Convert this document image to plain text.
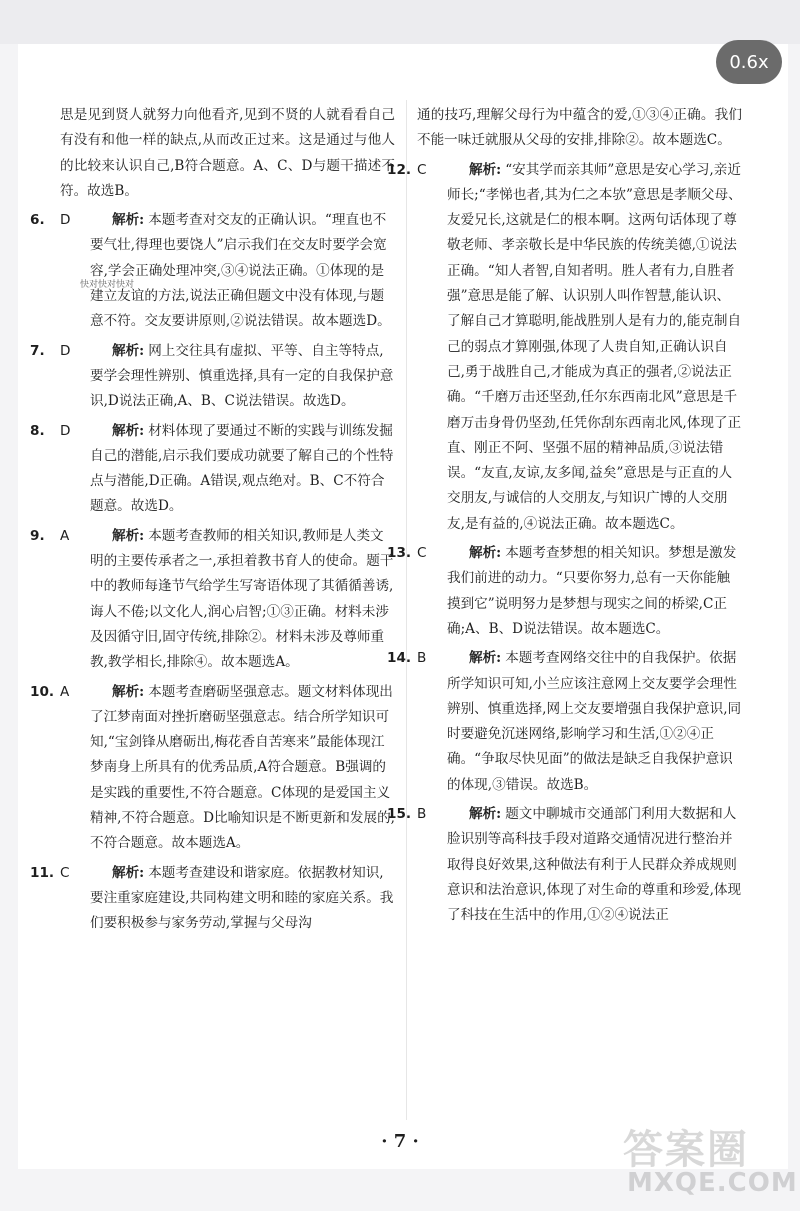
0.6x

思是见到贤人就努力向他看齐,见到不贤的人就看看自己有没有和他一样的缺点,从而改正过来。这是通过与他人的比较来认识自己,B符合题意。A、C、D与题干描述不符。故选B。

6. D	解析: 本题考查对交友的正确认识。“理直也不要气壮,得理也要饶人”启示我们在交友时要学会宽容,学会正确处理冲突,③④说法正确。①体现的是建立友谊的方法,说法正确但题文中没有体现,与题意不符。交友要讲原则,②说法错误。故本题选D。
7. D	解析: 网上交往具有虚拟、平等、自主等特点,要学会理性辨别、慎重选择,具有一定的自我保护意识,D说法正确,A、B、C说法错误。故选D。
8. D	解析: 材料体现了要通过不断的实践与训练发掘自己的潜能,启示我们要成功就要了解自己的个性特点与潜能,D正确。A错误,观点绝对。B、C不符合题意。故选D。
9. A	解析: 本题考查教师的相关知识,教师是人类文明的主要传承者之一,承担着教书育人的使命。题干中的教师每逢节气给学生写寄语体现了其循循善诱,诲人不倦;以文化人,润心启智;①③正确。材料未涉及因循守旧,固守传统,排除②。材料未涉及尊师重教,教学相长,排除④。故本题选A。
10. A	解析: 本题考查磨砺坚强意志。题文材料体现出了江梦南面对挫折磨砺坚强意志。结合所学知识可知,“宝剑锋从磨砺出,梅花香自苦寒来”最能体现江梦南身上所具有的优秀品质,A符合题意。B强调的是实践的重要性,不符合题意。C体现的是爱国主义精神,不符合题意。D比喻知识是不断更新和发展的,不符合题意。故本题选A。
11. C	解析: 本题考查建设和谐家庭。依据教材知识,要注重家庭建设,共同构建文明和睦的家庭关系。我们要积极参与家务劳动,掌握与父母沟

通的技巧,理解父母行为中蕴含的爱,①③④正确。我们不能一味迁就服从父母的安排,排除②。故本题选C。

12. C	解析: “安其学而亲其师”意思是安心学习,亲近师长;“孝悌也者,其为仁之本欤”意思是孝顺父母、友爱兄长,这就是仁的根本啊。这两句话体现了尊敬老师、孝亲敬长是中华民族的传统美德,①说法正确。“知人者智,自知者明。胜人者有力,自胜者强”意思是能了解、认识别人叫作智慧,能认识、了解自己才算聪明,能战胜别人是有力的,能克制自己的弱点才算刚强,体现了人贵自知,正确认识自己,勇于战胜自己,才能成为真正的强者,②说法正确。“千磨万击还坚劲,任尔东西南北风”意思是千磨万击身骨仍坚劲,任凭你刮东西南北风,体现了正直、刚正不阿、坚强不屈的精神品质,③说法错误。“友直,友谅,友多闻,益矣”意思是与正直的人交朋友,与诚信的人交朋友,与知识广博的人交朋友,是有益的,④说法正确。故本题选C。
13. C	解析: 本题考查梦想的相关知识。梦想是激发我们前进的动力。“只要你努力,总有一天你能触摸到它”说明努力是梦想与现实之间的桥梁,C正确;A、B、D说法错误。故本题选C。
14. B	解析: 本题考查网络交往中的自我保护。依据所学知识可知,小兰应该注意网上交友要学会理性辨别、慎重选择,网上交友要增强自我保护意识,同时要避免沉迷网络,影响学习和生活,①②④正确。“争取尽快见面”的做法是缺乏自我保护意识的体现,③错误。故选B。
15. B	解析: 题文中聊城市交通部门利用大数据和人脸识别等高科技手段对道路交通情况进行整治并取得良好效果,这种做法有利于人民群众养成规则意识和法治意识,体现了对生命的尊重和珍爱,体现了科技在生活中的作用,①②④说法正
快对快对快对
· 7 ·	答案圈
MXQE.COM
